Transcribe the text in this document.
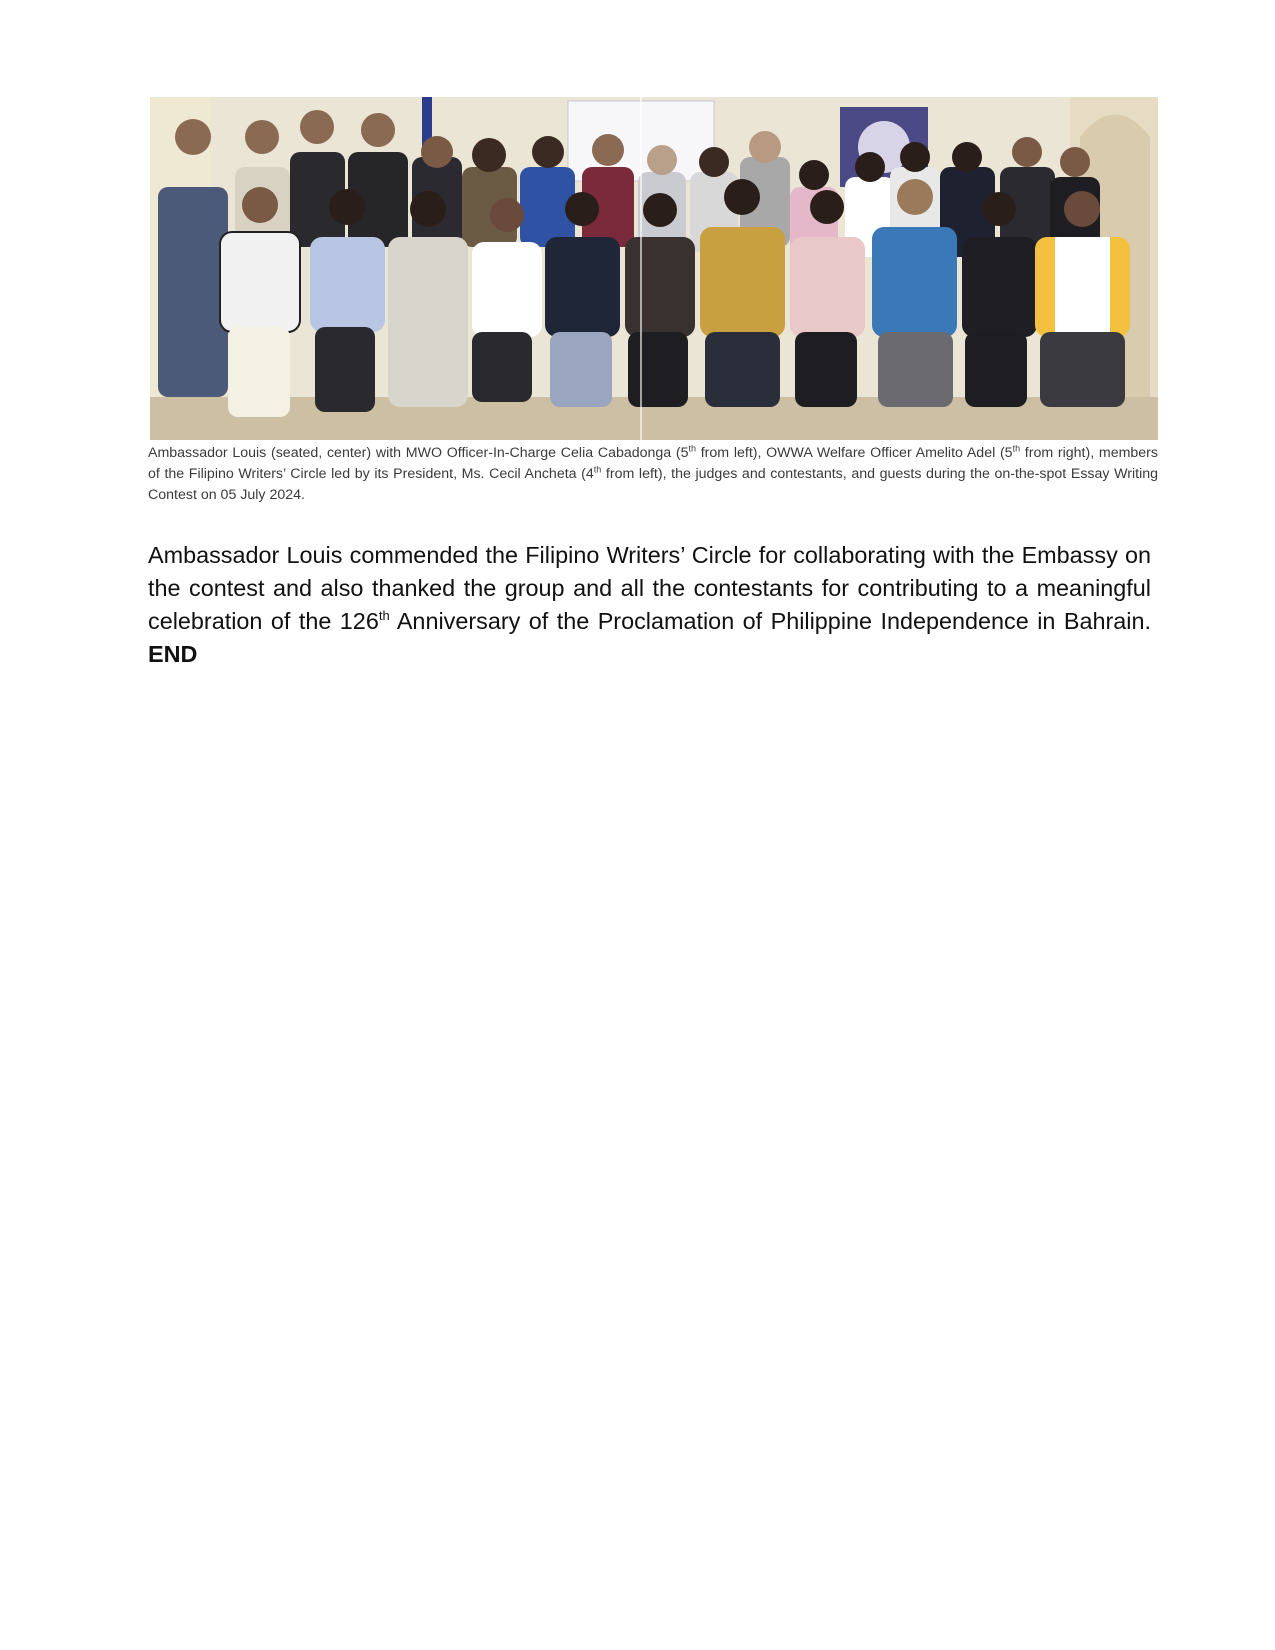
Ambassador Louis (seated, center) with MWO Officer-In-Charge Celia Cabadonga (5th from left), OWWA Welfare Officer Amelito Adel (5th from right), members of the Filipino Writers’ Circle led by its President, Ms. Cecil Ancheta (4th from left), the judges and contestants, and guests during the on-the-spot Essay Writing Contest on 05 July 2024.

Ambassador Louis commended the Filipino Writers’ Circle for collaborating with the Embassy on the contest and also thanked the group and all the contestants for contributing to a meaningful celebration of the 126th Anniversary of the Proclamation of Philippine Independence in Bahrain. END
